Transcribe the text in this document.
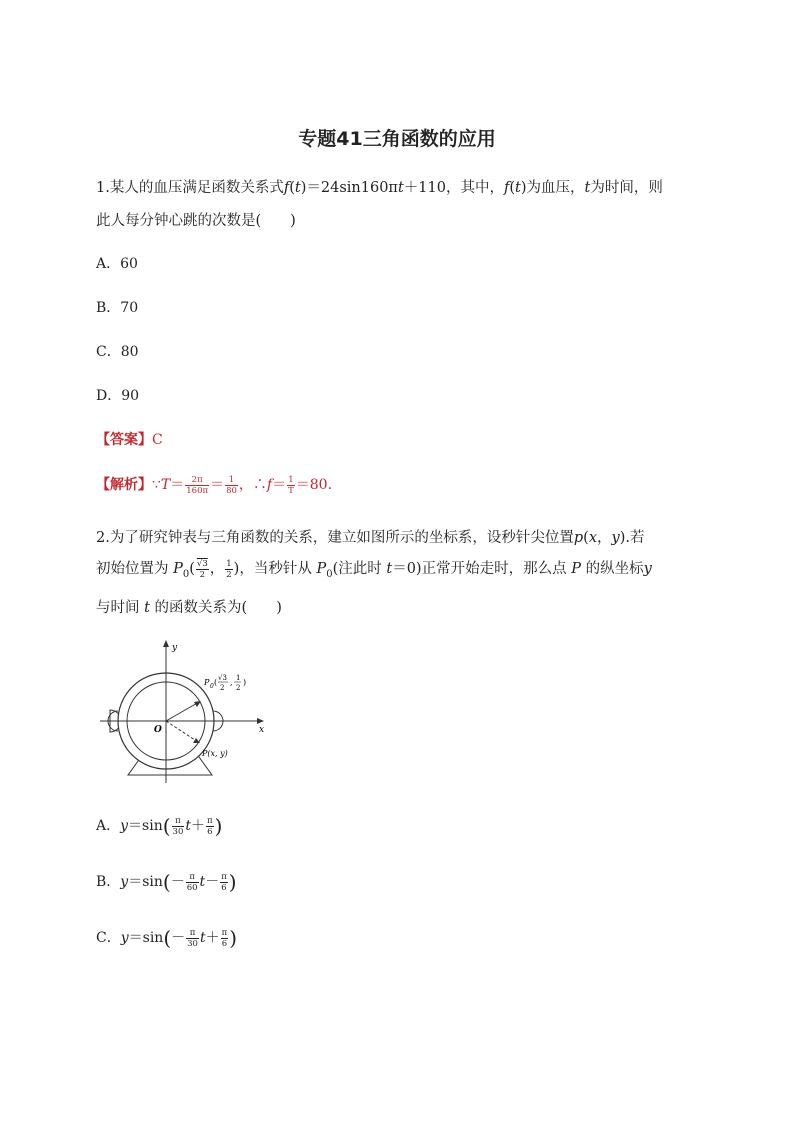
专题41三角函数的应用
1.某人的血压满足函数关系式f(t)＝24sin160πt＋110，其中，f(t)为血压，t为时间，则
此人每分钟心跳的次数是(　　)
A．60
B．70
C．80
D．90
【答案】C
【解析】∵T＝ $\frac{2\pi}{160\pi} = \frac{1}{80}$ ，∴f＝ $\frac{1}{T} =80$.
2.为了研究钟表与三角函数的关系，建立如图所示的坐标系，设秒针尖位置p(x，y).若
初始位置为 $P_0( \frac{√3}{2}$ ， $\frac{1}{2}$ )，当秒针从 $P_0$(注此时 t＝0)正常开始走时，那么点 P 的纵坐标y
与时间 t 的函数关系为(　　)
y
x
O
P 0 ( √3
2
, 1
2
)
P(x, y)
A．$y=\sin( \frac{\pi}{30} t+ \frac{\pi}{6}$ )
B．$y=\sin(- \frac{\pi}{60} t- \frac{\pi}{6}$ )
C．$y=\sin(- \frac{\pi}{30} t+ \frac{\pi}{6}$ )
